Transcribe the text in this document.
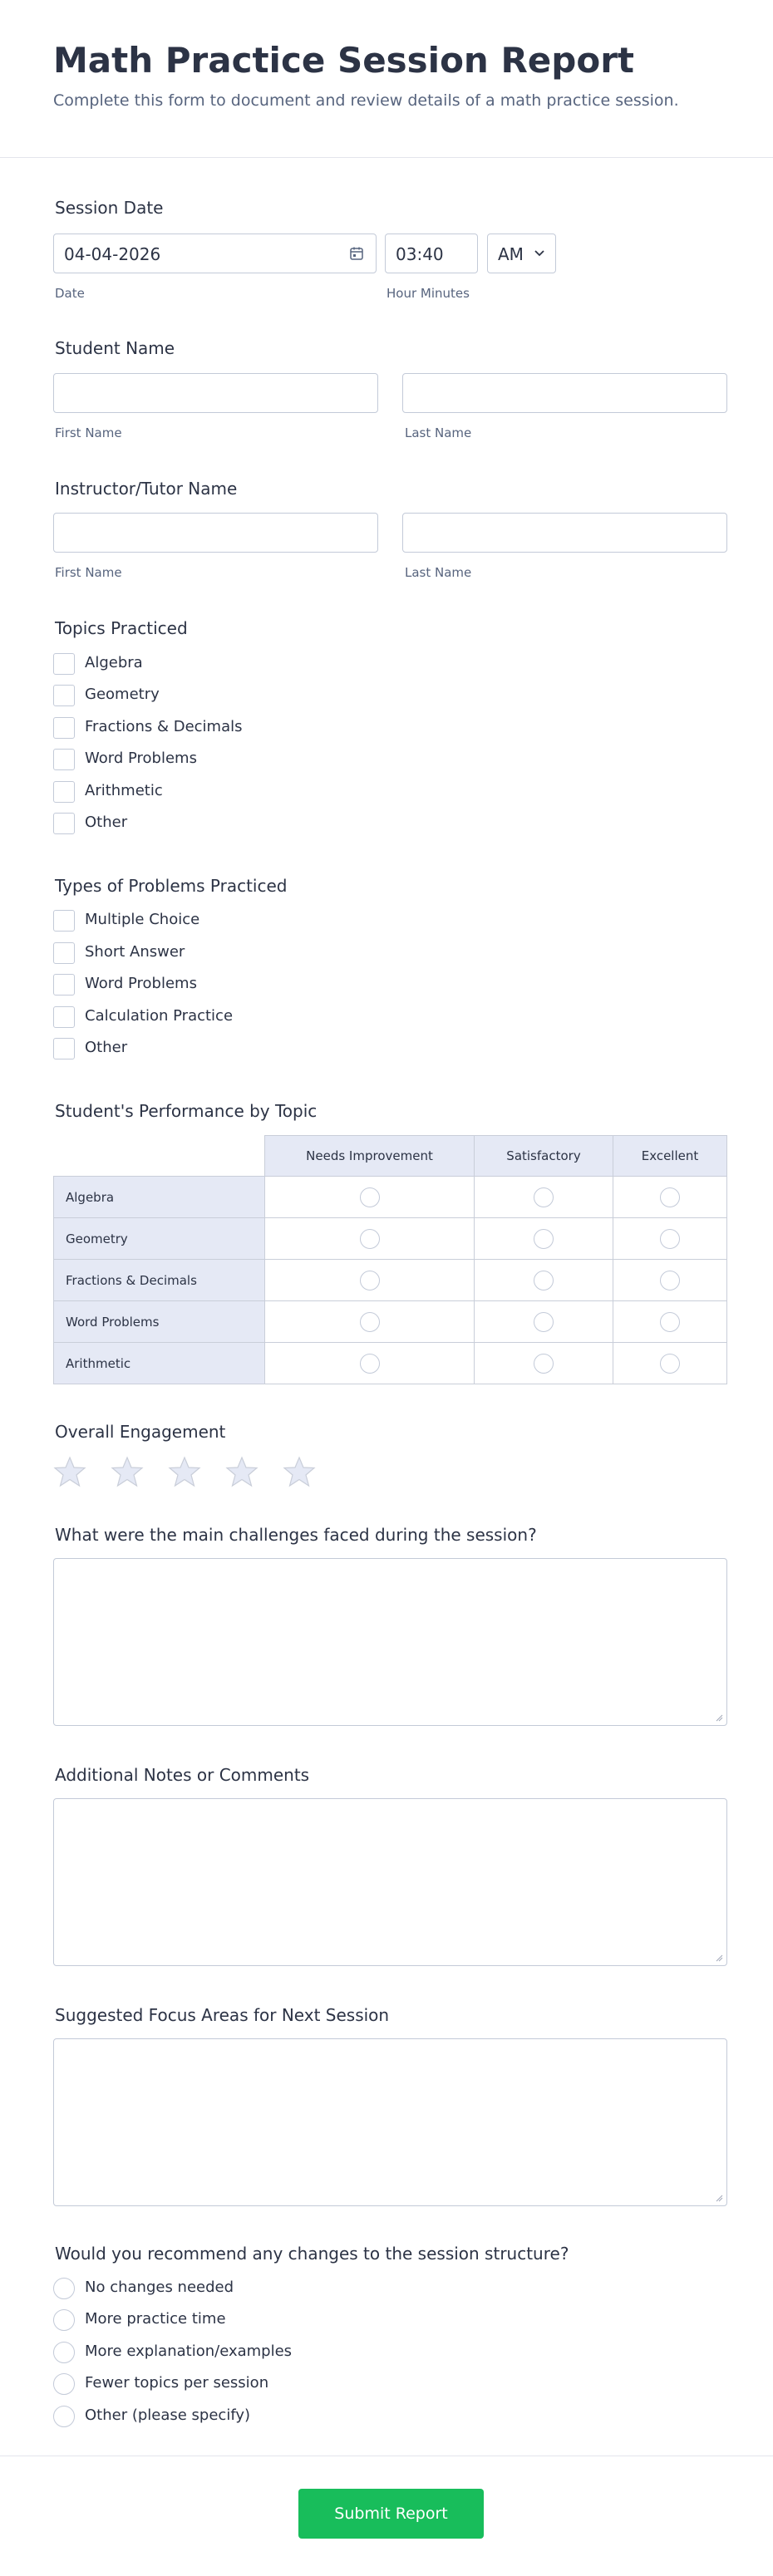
Math Practice Session Report
Complete this form to document and review details of a math practice session.
Session Date
04-04-2026	03:40	AM
Date	Hour Minutes
Student Name
First Name	Last Name
Instructor/Tutor Name
First Name	Last Name
Topics Practiced
Algebra
Geometry
Fractions & Decimals
Word Problems
Arithmetic
Other
Types of Problems Practiced
Multiple Choice
Short Answer
Word Problems
Calculation Practice
Other
Student's Performance by Topic
	Needs Improvement	Satisfactory	Excellent
Algebra			
Geometry			
Fractions & Decimals			
Word Problems			
Arithmetic			
Overall Engagement
What were the main challenges faced during the session?
Additional Notes or Comments
Suggested Focus Areas for Next Session
Would you recommend any changes to the session structure?
No changes needed
More practice time
More explanation/examples
Fewer topics per session
Other (please specify)
Submit Report
